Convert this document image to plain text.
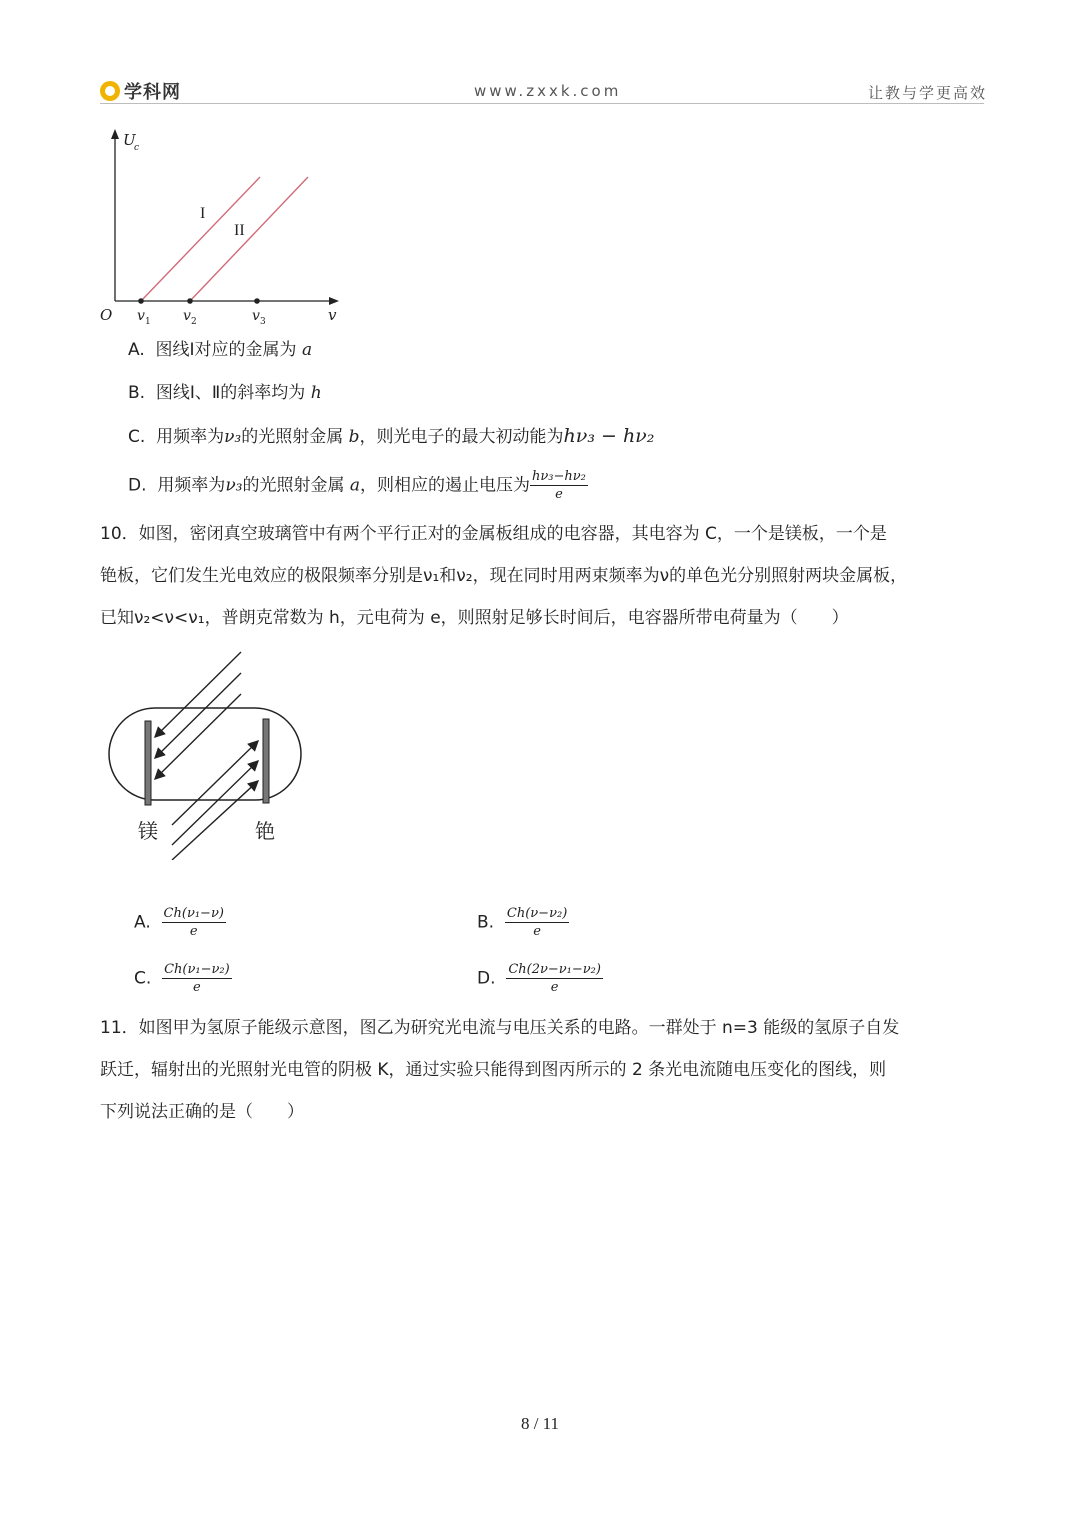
学科网	www.zxxk.com	让教与学更高效
U
c
O	v
v 1 v 2	v 3
I
II
A. 图线Ⅰ对应的金属为 a
B. 图线Ⅰ、Ⅱ的斜率均为 h
C. 用频率为ν₃的光照射金属 b，则光电子的最大初动能为hν₃ − hν₂
D. 用频率为ν₃的光照射金属 a，则相应的遏止电压为 $\frac{\text{hν₃−hν₂}}{e}$

10．如图，密闭真空玻璃管中有两个平行正对的金属板组成的电容器，其电容为 C，一个是镁板，一个是

铯板，它们发生光电效应的极限频率分别是ν₁和ν₂，现在同时用两束频率为ν的单色光分别照射两块金属板，

已知ν₂<ν<ν₁，普朗克常数为 h，元电荷为 e，则照射足够长时间后，电容器所带电荷量为（　　）

镁	铯
A. $\frac{\text{Ch(ν₁−ν)}}{e}$	B. $\frac{\text{Ch(ν−ν₂)}}{e}$
C. $\frac{\text{Ch(ν₁−ν₂)}}{e}$	D. $\frac{\text{Ch(2ν−ν₁−ν₂)}}{e}$

11．如图甲为氢原子能级示意图，图乙为研究光电流与电压关系的电路。一群处于 n=3 能级的氢原子自发

跃迁，辐射出的光照射光电管的阴极 K，通过实验只能得到图丙所示的 2 条光电流随电压变化的图线，则

下列说法正确的是（　　）

8 / 11
